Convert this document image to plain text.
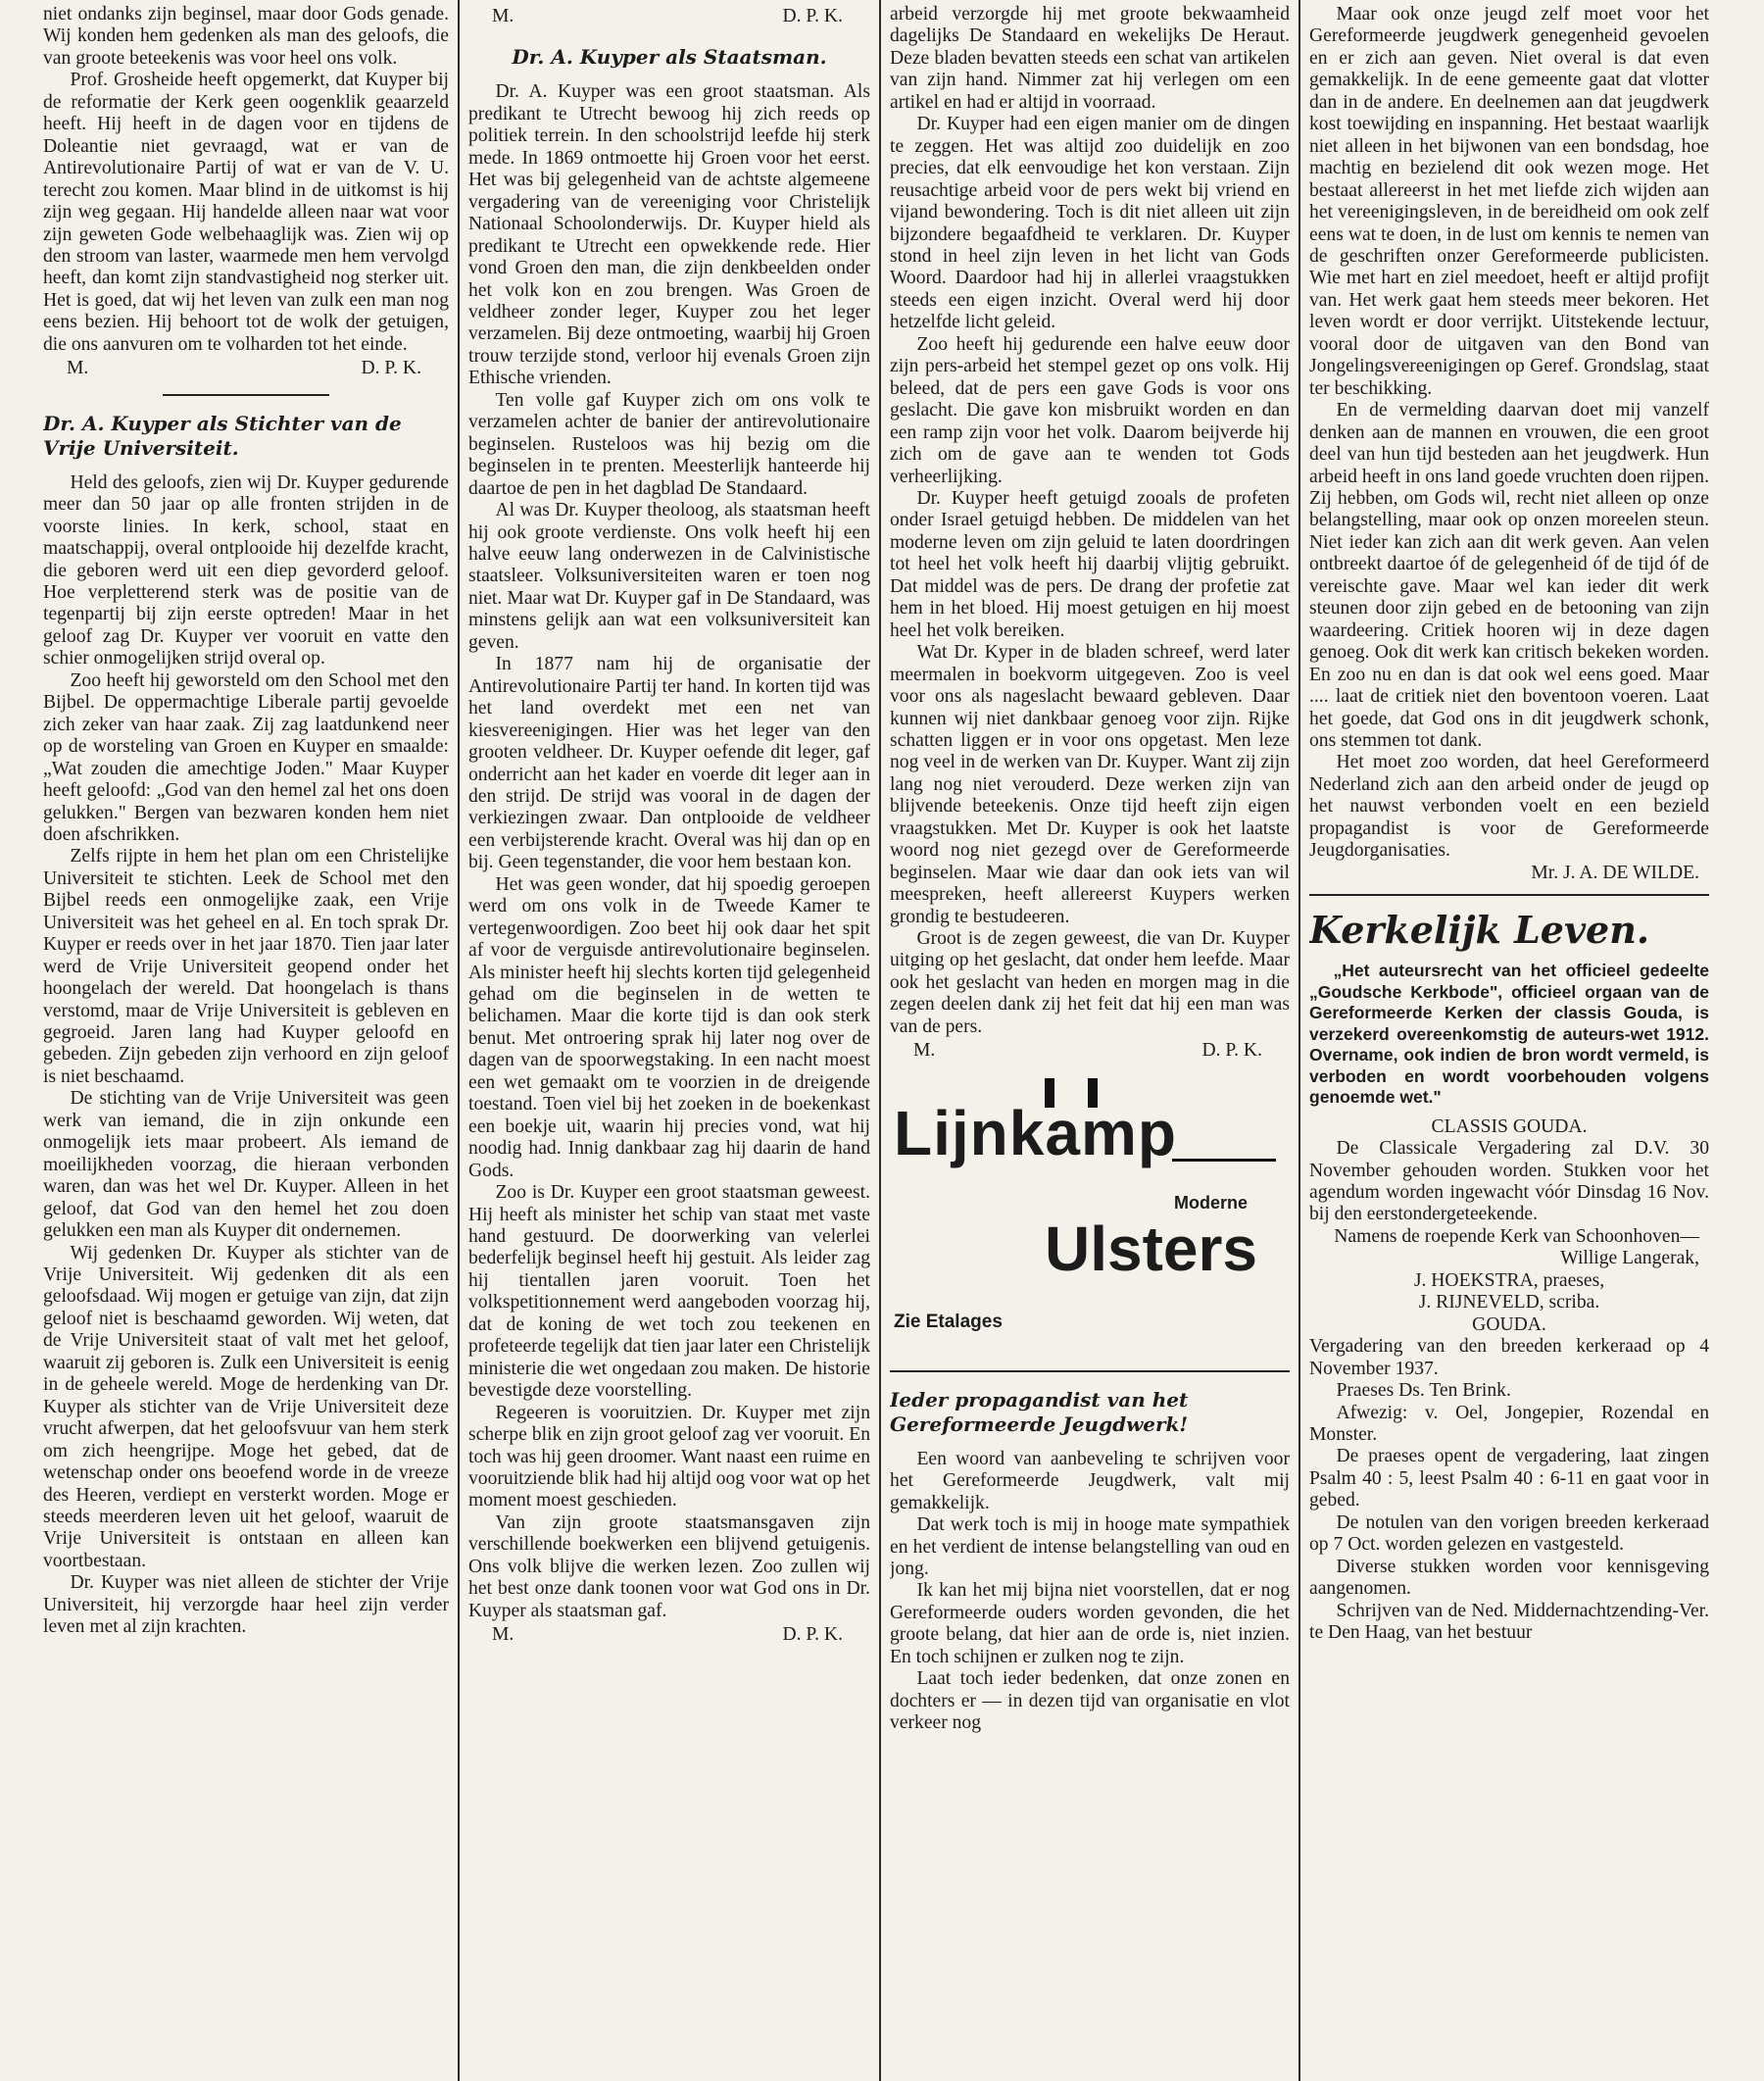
niet ondanks zijn beginsel, maar door Gods genade. Wij konden hem gedenken als man des geloofs, die van groote beteekenis was voor heel ons volk.

Prof. Grosheide heeft opgemerkt, dat Kuyper bij de reformatie der Kerk geen oogenklik geaarzeld heeft. Hij heeft in de dagen voor en tijdens de Doleantie niet gevraagd, wat er van de Antirevolutionaire Partij of wat er van de V. U. terecht zou komen. Maar blind in de uitkomst is hij zijn weg gegaan. Hij handelde alleen naar wat voor zijn geweten Gode welbehaaglijk was. Zien wij op den stroom van laster, waarmede men hem vervolgd heeft, dan komt zijn standvastigheid nog sterker uit. Het is goed, dat wij het leven van zulk een man nog eens bezien. Hij behoort tot de wolk der getuigen, die ons aanvuren om te volharden tot het einde.

M.	D. P. K.
Dr. A. Kuyper als Stichter van de Vrije Universiteit.

Held des geloofs, zien wij Dr. Kuyper gedurende meer dan 50 jaar op alle fronten strijden in de voorste linies. In kerk, school, staat en maatschappij, overal ontplooide hij dezelfde kracht, die geboren werd uit een diep gevorderd geloof. Hoe verpletterend sterk was de positie van de tegenpartij bij zijn eerste optreden! Maar in het geloof zag Dr. Kuyper ver vooruit en vatte den schier onmogelijken strijd overal op.

Zoo heeft hij geworsteld om den School met den Bijbel. De oppermachtige Liberale partij gevoelde zich zeker van haar zaak. Zij zag laatdunkend neer op de worsteling van Groen en Kuyper en smaalde: „Wat zouden die amechtige Joden." Maar Kuyper heeft geloofd: „God van den hemel zal het ons doen gelukken." Bergen van bezwaren konden hem niet doen afschrikken.

Zelfs rijpte in hem het plan om een Christelijke Universiteit te stichten. Leek de School met den Bijbel reeds een onmogelijke zaak, een Vrije Universiteit was het geheel en al. En toch sprak Dr. Kuyper er reeds over in het jaar 1870. Tien jaar later werd de Vrije Universiteit geopend onder het hoongelach der wereld. Dat hoongelach is thans verstomd, maar de Vrije Universiteit is gebleven en gegroeid. Jaren lang had Kuyper geloofd en gebeden. Zijn gebeden zijn verhoord en zijn geloof is niet beschaamd.

De stichting van de Vrije Universiteit was geen werk van iemand, die in zijn onkunde een onmogelijk iets maar probeert. Als iemand de moeilijkheden voorzag, die hieraan verbonden waren, dan was het wel Dr. Kuyper. Alleen in het geloof, dat God van den hemel het zou doen gelukken een man als Kuyper dit ondernemen.

Wij gedenken Dr. Kuyper als stichter van de Vrije Universiteit. Wij gedenken dit als een geloofsdaad. Wij mogen er getuige van zijn, dat zijn geloof niet is beschaamd geworden. Wij weten, dat de Vrije Universiteit staat of valt met het geloof, waaruit zij geboren is. Zulk een Universiteit is eenig in de geheele wereld. Moge de herdenking van Dr. Kuyper als stichter van de Vrije Universiteit deze vrucht afwerpen, dat het geloofsvuur van hem sterk om zich heengrijpe. Moge het gebed, dat de wetenschap onder ons beoefend worde in de vreeze des Heeren, verdiept en versterkt worden. Moge er steeds meerderen leven uit het geloof, waaruit de Vrije Universiteit is ontstaan en alleen kan voortbestaan.

Dr. Kuyper was niet alleen de stichter der Vrije Universiteit, hij verzorgde haar heel zijn verder leven met al zijn krachten.

M.	D. P. K.
Dr. A. Kuyper als Staatsman.

Dr. A. Kuyper was een groot staatsman. Als predikant te Utrecht bewoog hij zich reeds op politiek terrein. In den schoolstrijd leefde hij sterk mede. In 1869 ontmoette hij Groen voor het eerst. Het was bij gelegenheid van de achtste algemeene vergadering van de vereeniging voor Christelijk Nationaal Schoolonderwijs. Dr. Kuyper hield als predikant te Utrecht een opwekkende rede. Hier vond Groen den man, die zijn denkbeelden onder het volk kon en zou brengen. Was Groen de veldheer zonder leger, Kuyper zou het leger verzamelen. Bij deze ontmoeting, waarbij hij Groen trouw terzijde stond, verloor hij evenals Groen zijn Ethische vrienden.

Ten volle gaf Kuyper zich om ons volk te verzamelen achter de banier der antirevolutionaire beginselen. Rusteloos was hij bezig om die beginselen in te prenten. Meesterlijk hanteerde hij daartoe de pen in het dagblad De Standaard.

Al was Dr. Kuyper theoloog, als staatsman heeft hij ook groote verdienste. Ons volk heeft hij een halve eeuw lang onderwezen in de Calvinistische staatsleer. Volksuniversiteiten waren er toen nog niet. Maar wat Dr. Kuyper gaf in De Standaard, was minstens gelijk aan wat een volksuniversiteit kan geven.

In 1877 nam hij de organisatie der Antirevolutionaire Partij ter hand. In korten tijd was het land overdekt met een net van kiesvereenigingen. Hier was het leger van den grooten veldheer. Dr. Kuyper oefende dit leger, gaf onderricht aan het kader en voerde dit leger aan in den strijd. De strijd was vooral in de dagen der verkiezingen zwaar. Dan ontplooide de veldheer een verbijsterende kracht. Overal was hij dan op en bij. Geen tegenstander, die voor hem bestaan kon.

Het was geen wonder, dat hij spoedig geroepen werd om ons volk in de Tweede Kamer te vertegenwoordigen. Zoo beet hij ook daar het spit af voor de verguisde antirevolutionaire beginselen. Als minister heeft hij slechts korten tijd gelegenheid gehad om die beginselen in de wetten te belichamen. Maar die korte tijd is dan ook sterk benut. Met ontroering sprak hij later nog over de dagen van de spoorwegstaking. In een nacht moest een wet gemaakt om te voorzien in de dreigende toestand. Toen viel bij het zoeken in de boekenkast een boekje uit, waarin hij precies vond, wat hij noodig had. Innig dankbaar zag hij daarin de hand Gods.

Zoo is Dr. Kuyper een groot staatsman geweest. Hij heeft als minister het schip van staat met vaste hand gestuurd. De doorwerking van velerlei bederfelijk beginsel heeft hij gestuit. Als leider zag hij tientallen jaren vooruit. Toen het volkspetitionnement werd aangeboden voorzag hij, dat de koning de wet toch zou teekenen en profeteerde tegelijk dat tien jaar later een Christelijk ministerie die wet ongedaan zou maken. De historie bevestigde deze voorstelling.

Regeeren is vooruitzien. Dr. Kuyper met zijn scherpe blik en zijn groot geloof zag ver vooruit. En toch was hij geen droomer. Want naast een ruime en vooruitziende blik had hij altijd oog voor wat op het moment moest geschieden.

Van zijn groote staatsmansgaven zijn verschillende boekwerken een blijvend getuigenis. Ons volk blijve die werken lezen. Zoo zullen wij het best onze dank toonen voor wat God ons in Dr. Kuyper als staatsman gaf.

M.	D. P. K.

arbeid verzorgde hij met groote bekwaamheid dagelijks De Standaard en wekelijks De Heraut. Deze bladen bevatten steeds een schat van artikelen van zijn hand. Nimmer zat hij verlegen om een artikel en had er altijd in voorraad.

Dr. Kuyper had een eigen manier om de dingen te zeggen. Het was altijd zoo duidelijk en zoo precies, dat elk eenvoudige het kon verstaan. Zijn reusachtige arbeid voor de pers wekt bij vriend en vijand bewondering. Toch is dit niet alleen uit zijn bijzondere begaafdheid te verklaren. Dr. Kuyper stond in heel zijn leven in het licht van Gods Woord. Daardoor had hij in allerlei vraagstukken steeds een eigen inzicht. Overal werd hij door hetzelfde licht geleid.

Zoo heeft hij gedurende een halve eeuw door zijn pers-arbeid het stempel gezet op ons volk. Hij beleed, dat de pers een gave Gods is voor ons geslacht. Die gave kon misbruikt worden en dan een ramp zijn voor het volk. Daarom beijverde hij zich om de gave aan te wenden tot Gods verheerlijking.

Dr. Kuyper heeft getuigd zooals de profeten onder Israel getuigd hebben. De middelen van het moderne leven om zijn geluid te laten doordringen tot heel het volk heeft hij daarbij vlijtig gebruikt. Dat middel was de pers. De drang der profetie zat hem in het bloed. Hij moest getuigen en hij moest heel het volk bereiken.

Wat Dr. Kyper in de bladen schreef, werd later meermalen in boekvorm uitgegeven. Zoo is veel voor ons als nageslacht bewaard gebleven. Daar kunnen wij niet dankbaar genoeg voor zijn. Rijke schatten liggen er in voor ons opgetast. Men leze nog veel in de werken van Dr. Kuyper. Want zij zijn lang nog niet verouderd. Deze werken zijn van blijvende beteekenis. Onze tijd heeft zijn eigen vraagstukken. Met Dr. Kuyper is ook het laatste woord nog niet gezegd over de Gereformeerde beginselen. Maar wie daar dan ook iets van wil meespreken, heeft allereerst Kuypers werken grondig te bestudeeren.

Groot is de zegen geweest, die van Dr. Kuyper uitging op het geslacht, dat onder hem leefde. Maar ook het geslacht van heden en morgen mag in die zegen deelen dank zij het feit dat hij een man was van de pers.

M.	D. P. K.
Lijnkamp
Moderne
Ulsters
Zie Etalages
Ieder propagandist van het Gereformeerde Jeugdwerk!

Een woord van aanbeveling te schrijven voor het Gereformeerde Jeugdwerk, valt mij gemakkelijk.

Dat werk toch is mij in hooge mate sympathiek en het verdient de intense belangstelling van oud en jong.

Ik kan het mij bijna niet voorstellen, dat er nog Gereformeerde ouders worden gevonden, die het groote belang, dat hier aan de orde is, niet inzien. En toch schijnen er zulken nog te zijn.

Laat toch ieder bedenken, dat onze zonen en dochters er — in dezen tijd van organisatie en vlot verkeer nog

Maar ook onze jeugd zelf moet voor het Gereformeerde jeugdwerk genegenheid gevoelen en er zich aan geven. Niet overal is dat even gemakkelijk. In de eene gemeente gaat dat vlotter dan in de andere. En deelnemen aan dat jeugdwerk kost toewijding en inspanning. Het bestaat waarlijk niet alleen in het bijwonen van een bondsdag, hoe machtig en bezielend dit ook wezen moge. Het bestaat allereerst in het met liefde zich wijden aan het vereenigingsleven, in de bereidheid om ook zelf eens wat te doen, in de lust om kennis te nemen van de geschriften onzer Gereformeerde publicisten. Wie met hart en ziel meedoet, heeft er altijd profijt van. Het werk gaat hem steeds meer bekoren. Het leven wordt er door verrijkt. Uitstekende lectuur, vooral door de uitgaven van den Bond van Jongelingsvereenigingen op Geref. Grondslag, staat ter beschikking.

En de vermelding daarvan doet mij vanzelf denken aan de mannen en vrouwen, die een groot deel van hun tijd besteden aan het jeugdwerk. Hun arbeid heeft in ons land goede vruchten doen rijpen. Zij hebben, om Gods wil, recht niet alleen op onze belangstelling, maar ook op onzen moreelen steun. Niet ieder kan zich aan dit werk geven. Aan velen ontbreekt daartoe óf de gelegenheid óf de tijd óf de vereischte gave. Maar wel kan ieder dit werk steunen door zijn gebed en de betooning van zijn waardeering. Critiek hooren wij in deze dagen genoeg. Ook dit werk kan critisch bekeken worden. En zoo nu en dan is dat ook wel eens goed. Maar .... laat de critiek niet den boventoon voeren. Laat het goede, dat God ons in dit jeugdwerk schonk, ons stemmen tot dank.

Het moet zoo worden, dat heel Gereformeerd Nederland zich aan den arbeid onder de jeugd op het nauwst verbonden voelt en een bezield propagandist is voor de Gereformeerde Jeugdorganisaties.

Mr. J. A. DE WILDE.

Kerkelijk Leven.

„Het auteursrecht van het officieel gedeelte „Goudsche Kerkbode", officieel orgaan van de Gereformeerde Kerken der classis Gouda, is verzekerd overeenkomstig de auteurs-wet 1912. Overname, ook indien de bron wordt vermeld, is verboden en wordt voorbehouden volgens genoemde wet."

CLASSIS GOUDA.

De Classicale Vergadering zal D.V. 30 November gehouden worden. Stukken voor het agendum worden ingewacht vóór Dinsdag 16 Nov. bij den eerstondergeteekende.

Namens de roepende Kerk van Schoonhoven—Willige Langerak,

J. HOEKSTRA, praeses,

J. RIJNEVELD, scriba.

GOUDA.

Vergadering van den breeden kerkeraad op 4 November 1937.

Praeses Ds. Ten Brink.

Afwezig: v. Oel, Jongepier, Rozendal en Monster.

De praeses opent de vergadering, laat zingen Psalm 40 : 5, leest Psalm 40 : 6-11 en gaat voor in gebed.

De notulen van den vorigen breeden kerkeraad op 7 Oct. worden gelezen en vastgesteld.

Diverse stukken worden voor kennisgeving aangenomen.

Schrijven van de Ned. Middernachtzending-Ver. te Den Haag, van het bestuur
